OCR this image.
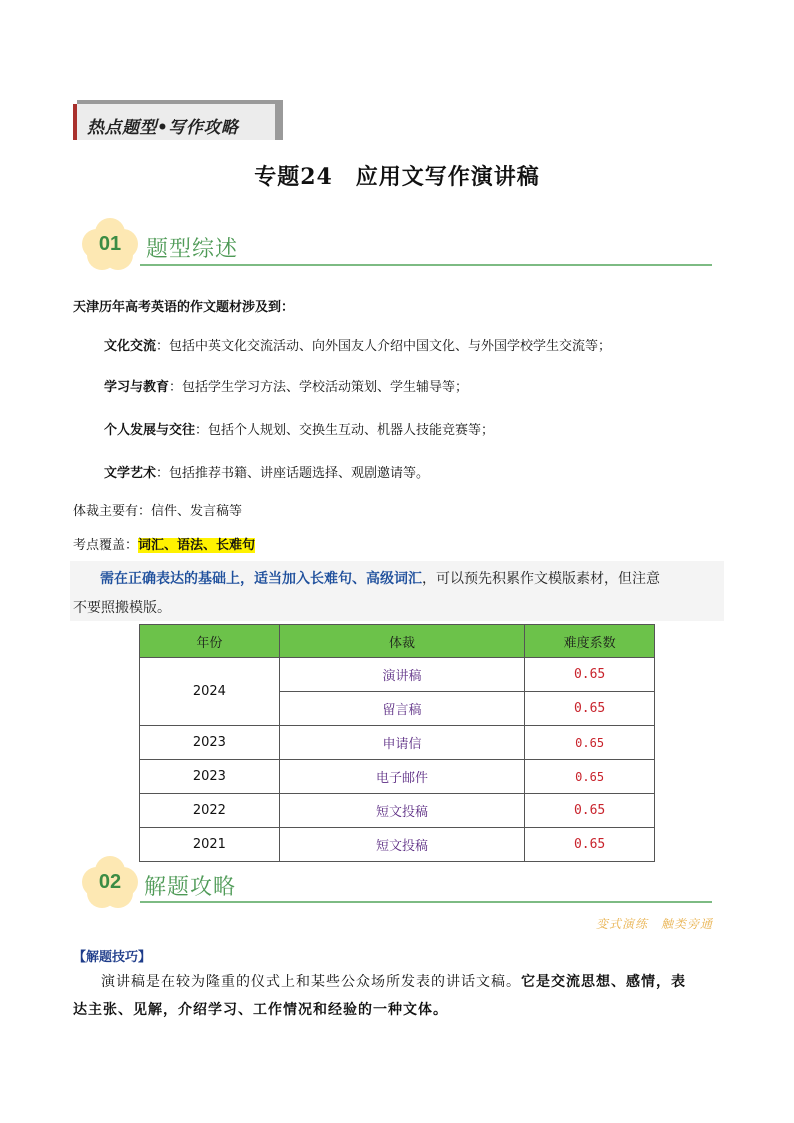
热点题型•写作攻略
专题24　应用文写作演讲稿
01	题型综述
天津历年高考英语的作文题材涉及到：
文化交流：包括中英文化交流活动、向外国友人介绍中国文化、与外国学校学生交流等；
学习与教育：包括学生学习方法、学校活动策划、学生辅导等；
个人发展与交往：包括个人规划、交换生互动、机器人技能竞赛等；
文学艺术：包括推荐书籍、讲座话题选择、观剧邀请等。
体裁主要有：信件、发言稿等
考点覆盖：词汇、语法、长难句
需在正确表达的基础上，适当加入长难句、高级词汇，可以预先积累作文模版素材，但注意
不要照搬模版。
年份	体裁	难度系数
2024	演讲稿	0.65
	留言稿	0.65
2023	申请信	0.65
2023	电子邮件	0.65
2022	短文投稿	0.65
2021	短文投稿	0.65
02	解题攻略
变式演练　触类旁通
【解题技巧】
演讲稿是在较为隆重的仪式上和某些公众场所发表的讲话文稿。它是交流思想、感情，表
达主张、见解，介绍学习、工作情况和经验的一种文体。
